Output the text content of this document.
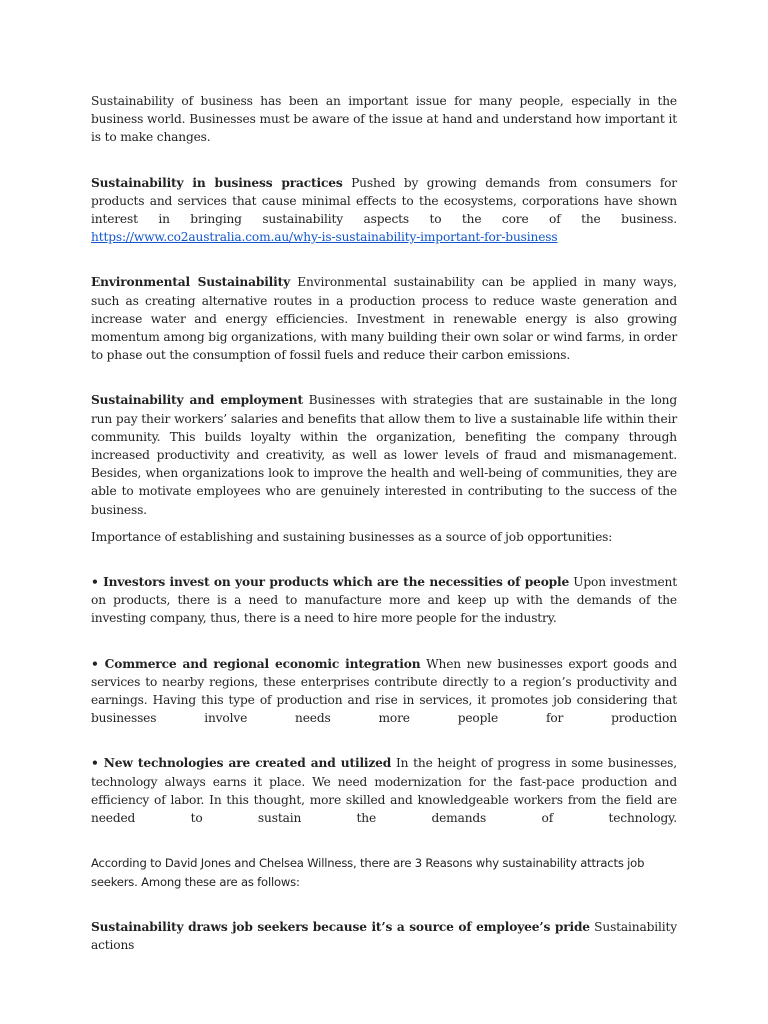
Sustainability of business has been an important issue for many people, especially in the business world. Businesses must be aware of the issue at hand and understand how important it is to make changes.

Sustainability in business practices Pushed by growing demands from consumers for products and services that cause minimal effects to the ecosystems, corporations have shown interest in bringing sustainability aspects to the core of the business. https://www.co2australia.com.au/why-is-sustainability-important-for-business

Environmental Sustainability Environmental sustainability can be applied in many ways, such as creating alternative routes in a production process to reduce waste generation and increase water and energy efficiencies. Investment in renewable energy is also growing momentum among big organizations, with many building their own solar or wind farms, in order to phase out the consumption of fossil fuels and reduce their carbon emissions.

Sustainability and employment Businesses with strategies that are sustainable in the long run pay their workers’ salaries and benefits that allow them to live a sustainable life within their community. This builds loyalty within the organization, benefiting the company through increased productivity and creativity, as well as lower levels of fraud and mismanagement. Besides, when organizations look to improve the health and well-being of communities, they are able to motivate employees who are genuinely interested in contributing to the success of the business.

Importance of establishing and sustaining businesses as a source of job opportunities:

• Investors invest on your products which are the necessities of people Upon investment on products, there is a need to manufacture more and keep up with the demands of the investing company, thus, there is a need to hire more people for the industry.

• Commerce and regional economic integration When new businesses export goods and services to nearby regions, these enterprises contribute directly to a region’s productivity and earnings. Having this type of production and rise in services, it promotes job considering that businesses involve needs more people for production

• New technologies are created and utilized In the height of progress in some businesses, technology always earns it place. We need modernization for the fast-pace production and efficiency of labor. In this thought, more skilled and knowledgeable workers from the field are needed to sustain the demands of technology.

According to David Jones and Chelsea Willness, there are 3 Reasons why sustainability attracts job seekers. Among these are as follows:

Sustainability draws job seekers because it’s a source of employee’s pride Sustainability actions
